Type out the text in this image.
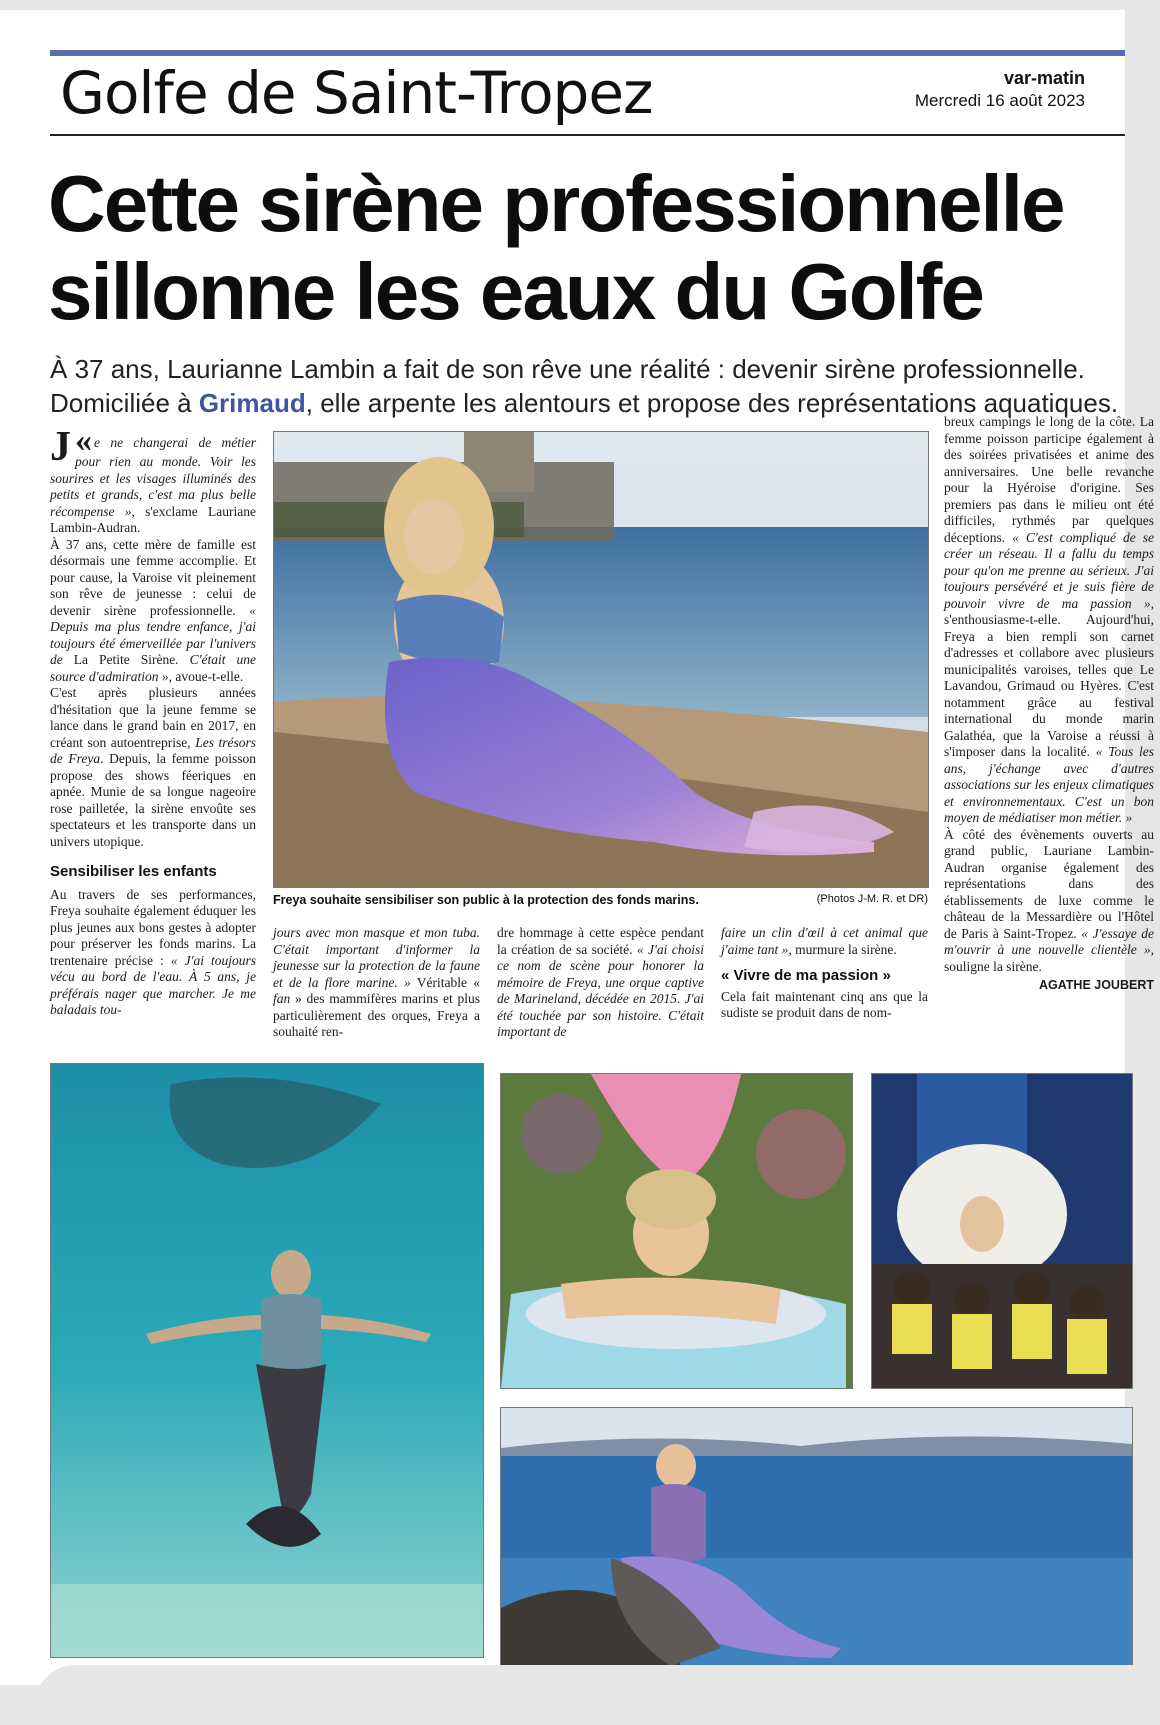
Golfe de Saint-Tropez	var-matin
Mercredi 16 août 2023
Cette sirène professionnelle
sillonne les eaux du Golfe
À 37 ans, Laurianne Lambin a fait de son rêve une réalité : devenir sirène professionnelle.
Domiciliée à Grimaud, elle arpente les alentours et propose des représentations aquatiques.

«
J e ne changerai de métier pour rien au monde. Voir les sourires et les visages illuminés des petits et grands, c'est ma plus belle récompense », s'exclame Lauriane Lambin-Audran.

À 37 ans, cette mère de famille est désormais une femme accomplie. Et pour cause, la Varoise vit pleinement son rêve de jeunesse : celui de devenir sirène professionnelle. « Depuis ma plus tendre enfance, j'ai toujours été émerveillée par l'univers de La Petite Sirène. C'était une source d'admiration », avoue-t-elle.

C'est après plusieurs années d'hésitation que la jeune femme se lance dans le grand bain en 2017, en créant son autoentreprise, Les trésors de Freya. Depuis, la femme poisson propose des shows féeriques en apnée. Munie de sa longue nageoire rose pailletée, la sirène envoûte ses spectateurs et les transporte dans un univers utopique.

Sensibiliser les enfants

Au travers de ses performances, Freya souhaite également éduquer les plus jeunes aux bons gestes à adopter pour préserver les fonds marins. La trentenaire précise : « J'ai toujours vécu au bord de l'eau. À 5 ans, je préférais nager que marcher. Je me baladais tou-

jours avec mon masque et mon tuba. C'était important d'informer la jeunesse sur la protection de la faune et de la flore marine. » Véritable « fan » des mammifères marins et plus particulièrement des orques, Freya a souhaité ren-

dre hommage à cette espèce pendant la création de sa société. « J'ai choisi ce nom de scène pour honorer la mémoire de Freya, une orque captive de Marineland, décédée en 2015. J'ai été touchée par son histoire. C'était important de

faire un clin d'œil à cet animal que j'aime tant », murmure la sirène.

« Vivre de ma passion »

Cela fait maintenant cinq ans que la sudiste se produit dans de nom-

breux campings le long de la côte. La femme poisson participe également à des soirées privatisées et anime des anniversaires. Une belle revanche pour la Hyéroise d'origine. Ses premiers pas dans le milieu ont été difficiles, rythmés par quelques déceptions. « C'est compliqué de se créer un réseau. Il a fallu du temps pour qu'on me prenne au sérieux. J'ai toujours persévéré et je suis fière de pouvoir vivre de ma passion », s'enthousiasme-t-elle. Aujourd'hui, Freya a bien rempli son carnet d'adresses et collabore avec plusieurs municipalités varoises, telles que Le Lavandou, Grimaud ou Hyères. C'est notamment grâce au festival international du monde marin Galathéa, que la Varoise a réussi à s'imposer dans la localité. « Tous les ans, j'échange avec d'autres associations sur les enjeux climatiques et environnementaux. C'est un bon moyen de médiatiser mon métier. »

À côté des évènements ouverts au grand public, Lauriane Lambin-Audran organise également des représentations dans des établissements de luxe comme le château de la Messardière ou l'Hôtel de Paris à Saint-Tropez. « J'essaye de m'ouvrir à une nouvelle clientèle », souligne la sirène.

AGATHE JOUBERT
Freya souhaite sensibiliser son public à la protection des fonds marins.	(Photos J-M. R. et DR)
